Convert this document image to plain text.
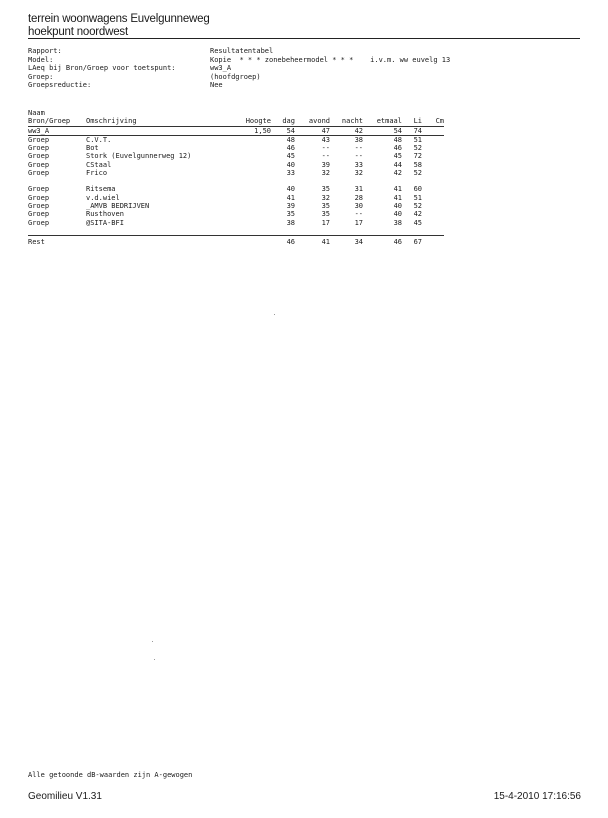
terrein woonwagens Euvelgunneweg
hoekpunt noordwest
Rapport:	Resultatentabel
Model:	Kopie  * * * zonebeheermodel * * *    i.v.m. ww euvelg 13
LAeq bij Bron/Groep voor toetspunt:	ww3_A
Groep:	(hoofdgroep)
Groepsreductie:	Nee
Naam								
Bron/Groep	Omschrijving	Hoogte	dag	avond	nacht	etmaal	Li	Cm
ww3_A		1,50	54	47	42	54	74	
Groep	C.V.T.		48	43	38	48	51	
Groep	Bot		46	--	--	46	52	
Groep	Stork (Euvelgunnerweg 12)		45	--	--	45	72	
Groep	CStaal		40	39	33	44	58	
Groep	Frico		33	32	32	42	52	

Groep	Ritsema		40	35	31	41	60	
Groep	v.d.wiel		41	32	28	41	51	
Groep	_AMVB BEDRIJVEN		39	35	30	40	52	
Groep	Rusthoven		35	35	--	40	42	
Groep	@SITA-BFI		38	17	17	38	45	

Rest			46	41	34	46	67	
Alle getoonde dB-waarden zijn A-gewogen
Geomilieu V1.31	15-4-2010 17:16:56
